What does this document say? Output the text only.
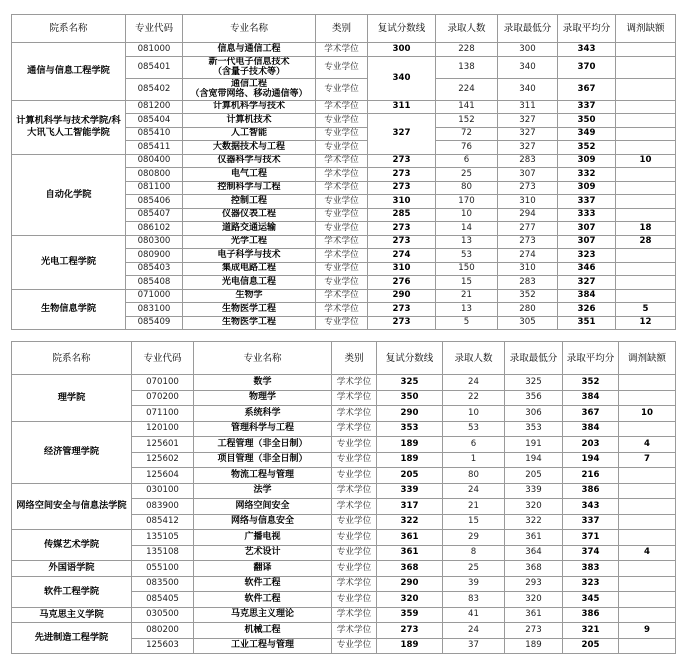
院系名称	专业代码	专业名称	类别	复试分数线	录取人数	录取最低分	录取平均分	调剂缺额
通信与信息工程学院	081000	信息与通信工程	学术学位	300	228	300	343	
	085401	新一代电子信息技术
（含量子技术等）	专业学位	340	138	340	370	
	085402	通信工程
（含宽带网络、移动通信等）	专业学位		224	340	367	
计算机科学与技术学院/科大讯飞人工智能学院	081200	计算机科学与技术	学术学位	311	141	311	337	
	085404	计算机技术	专业学位	327	152	327	350	
	085410	人工智能	专业学位		72	327	349	
	085411	大数据技术与工程	专业学位		76	327	352	
自动化学院	080400	仪器科学与技术	学术学位	273	6	283	309	10
	080800	电气工程	学术学位	273	25	307	332	
	081100	控制科学与工程	学术学位	273	80	273	309	
	085406	控制工程	专业学位	310	170	310	337	
	085407	仪器仪表工程	专业学位	285	10	294	333	
	086102	道路交通运输	专业学位	273	14	277	307	18
光电工程学院	080300	光学工程	学术学位	273	13	273	307	28
	080900	电子科学与技术	学术学位	274	53	274	323	
	085403	集成电路工程	专业学位	310	150	310	346	
	085408	光电信息工程	专业学位	276	15	283	327	
生物信息学院	071000	生物学	学术学位	290	21	352	384	
	083100	生物医学工程	学术学位	273	13	280	326	5
	085409	生物医学工程	专业学位	273	5	305	351	12
院系名称	专业代码	专业名称	类别	复试分数线	录取人数	录取最低分	录取平均分	调剂缺额
理学院	070100	数学	学术学位	325	24	325	352	
	070200	物理学	学术学位	350	22	356	384	
	071100	系统科学	学术学位	290	10	306	367	10
经济管理学院	120100	管理科学与工程	学术学位	353	53	353	384	
	125601	工程管理（非全日制）	专业学位	189	6	191	203	4
	125602	项目管理（非全日制）	专业学位	189	1	194	194	7
	125604	物流工程与管理	专业学位	205	80	205	216	
网络空间安全与信息法学院	030100	法学	学术学位	339	24	339	386	
	083900	网络空间安全	学术学位	317	21	320	343	
	085412	网络与信息安全	专业学位	322	15	322	337	
传媒艺术学院	135105	广播电视	专业学位	361	29	361	371	
	135108	艺术设计	专业学位	361	8	364	374	4
外国语学院	055100	翻译	专业学位	368	25	368	383	
软件工程学院	083500	软件工程	学术学位	290	39	293	323	
	085405	软件工程	专业学位	320	83	320	345	
马克思主义学院	030500	马克思主义理论	学术学位	359	41	361	386	
先进制造工程学院	080200	机械工程	学术学位	273	24	273	321	9
	125603	工业工程与管理	专业学位	189	37	189	205	
